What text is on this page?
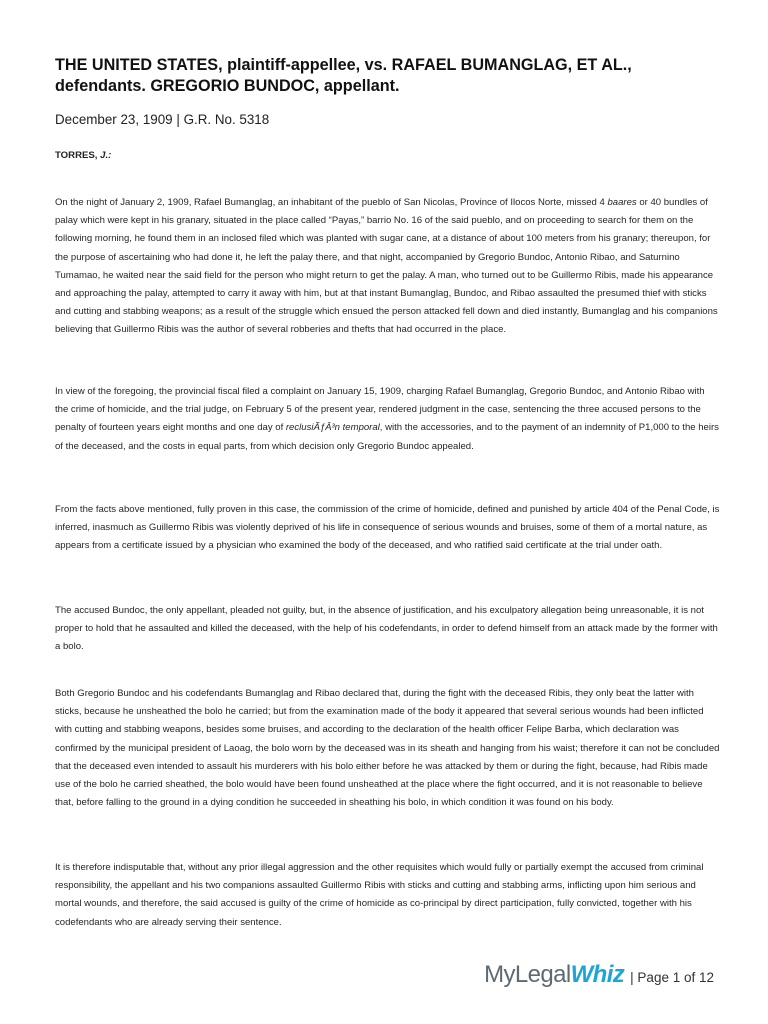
THE UNITED STATES, plaintiff-appellee, vs. RAFAEL BUMANGLAG, ET AL., defendants. GREGORIO BUNDOC, appellant.
December 23, 1909 | G.R. No. 5318
TORRES, J.:

On the night of January 2, 1909, Rafael Bumanglag, an inhabitant of the pueblo of San Nicolas, Province of Ilocos Norte, missed 4 baares or 40 bundles of palay which were kept in his granary, situated in the place called “Payas,” barrio No. 16 of the said pueblo, and on proceeding to search for them on the following morning, he found them in an inclosed filed which was planted with sugar cane, at a distance of about 100 meters from his granary; thereupon, for the purpose of ascertaining who had done it, he left the palay there, and that night, accompanied by Gregorio Bundoc, Antonio Ribao, and Saturnino Tumamao, he waited near the said field for the person who might return to get the palay. A man, who turned out to be Guillermo Ribis, made his appearance and approaching the palay, attempted to carry it away with him, but at that instant Bumanglag, Bundoc, and Ribao assaulted the presumed thief with sticks and cutting and stabbing weapons; as a result of the struggle which ensued the person attacked fell down and died instantly, Bumanglag and his companions believing that Guillermo Ribis was the author of several robberies and thefts that had occurred in the place.

In view of the foregoing, the provincial fiscal filed a complaint on January 15, 1909, charging Rafael Bumanglag, Gregorio Bundoc, and Antonio Ribao with the crime of homicide, and the trial judge, on February 5 of the present year, rendered judgment in the case, sentencing the three accused persons to the penalty of fourteen years eight months and one day of reclusiÃƒÂ³n temporal, with the accessories, and to the payment of an indemnity of P1,000 to the heirs of the deceased, and the costs in equal parts, from which decision only Gregorio Bundoc appealed.

From the facts above mentioned, fully proven in this case, the commission of the crime of homicide, defined and punished by article 404 of the Penal Code, is inferred, inasmuch as Guillermo Ribis was violently deprived of his life in consequence of serious wounds and bruises, some of them of a mortal nature, as appears from a certificate issued by a physician who examined the body of the deceased, and who ratified said certificate at the trial under oath.

The accused Bundoc, the only appellant, pleaded not guilty, but, in the absence of justification, and his exculpatory allegation being unreasonable, it is not proper to hold that he assaulted and killed the deceased, with the help of his codefendants, in order to defend himself from an attack made by the former with a bolo.

Both Gregorio Bundoc and his codefendants Bumanglag and Ribao declared that, during the fight with the deceased Ribis, they only beat the latter with sticks, because he unsheathed the bolo he carried; but from the examination made of the body it appeared that several serious wounds had been inflicted with cutting and stabbing weapons, besides some bruises, and according to the declaration of the health officer Felipe Barba, which declaration was confirmed by the municipal president of Laoag, the bolo worn by the deceased was in its sheath and hanging from his waist; therefore it can not be concluded that the deceased even intended to assault his murderers with his bolo either before he was attacked by them or during the fight, because, had Ribis made use of the bolo he carried sheathed, the bolo would have been found unsheathed at the place where the fight occurred, and it is not reasonable to believe that, before falling to the ground in a dying condition he succeeded in sheathing his bolo, in which condition it was found on his body.

It is therefore indisputable that, without any prior illegal aggression and the other requisites which would fully or partially exempt the accused from criminal responsibility, the appellant and his two companions assaulted Guillermo Ribis with sticks and cutting and stabbing arms, inflicting upon him serious and mortal wounds, and therefore, the said accused is guilty of the crime of homicide as co-principal by direct participation, fully convicted, together with his codefendants who are already serving their sentence.

MyLegal Whiz | Page 1 of 12
